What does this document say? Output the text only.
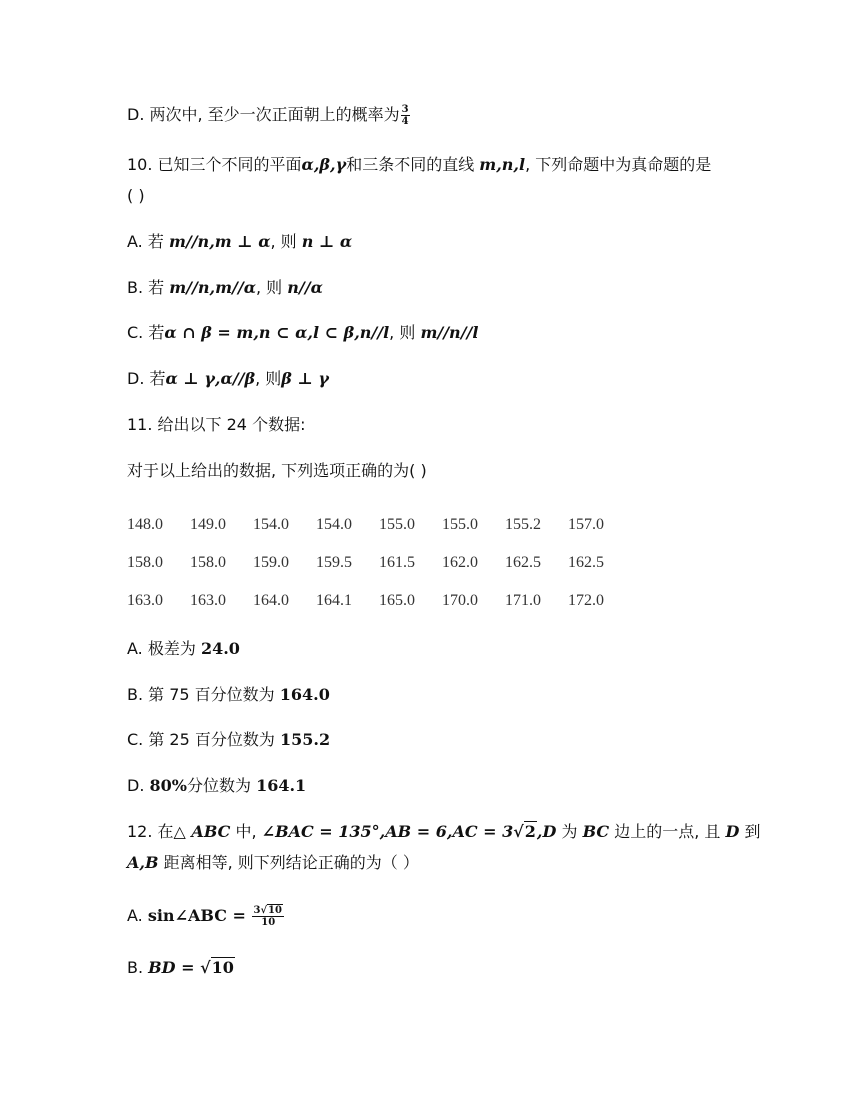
D. 两次中, 至少一次正面朝上的概率为 $\frac{3}{4}$
10. 已知三个不同的平面α,β,γ和三条不同的直线 m,n,l, 下列命题中为真命题的是
( )
A. 若 m//n,m ⊥ α, 则 n ⊥ α
B. 若 m//n,m//α, 则 n//α
C. 若α ∩ β = m,n ⊂ α,l ⊂ β,n//l, 则 m//n//l
D. 若α ⊥ γ,α//β, 则β ⊥ γ
11. 给出以下 24 个数据:
对于以上给出的数据, 下列选项正确的为( )
148.0	149.0	154.0	154.0	155.0	155.0	155.2	157.0
158.0	158.0	159.0	159.5	161.5	162.0	162.5	162.5
163.0	163.0	164.0	164.1	165.0	170.0	171.0	172.0
A. 极差为 24.0
B. 第 75 百分位数为 164.0
C. 第 25 百分位数为 155.2
D. 80%分位数为 164.1
12. 在△ ABC 中, ∠BAC = 135°,AB = 6,AC = 3√2,D 为 BC 边上的一点, 且 D 到
A,B 距离相等, 则下列结论正确的为（ ）
A. sin∠ABC = $\frac{3√10}{10}$
B. BD = √10
